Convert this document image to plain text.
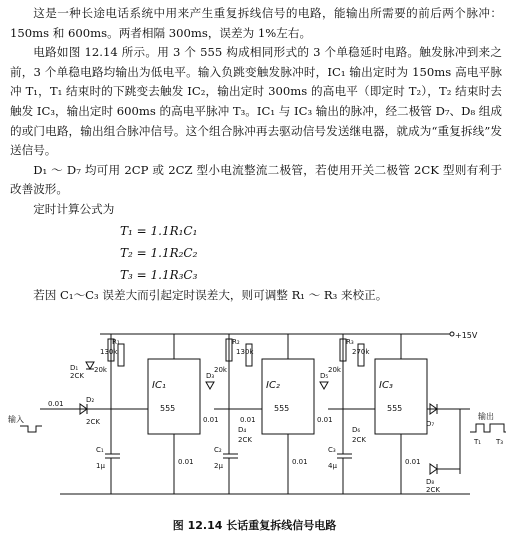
这是一种长途电话系统中用来产生重复拆线信号的电路，能输出所需要的前后两个脉冲：150ms 和 600ms。两者相隔 300ms，误差为 1%左右。

电路如图 12.14 所示。用 3 个 555 构成相同形式的 3 个单稳延时电路。触发脉冲到来之前，3 个单稳电路均输出为低电平。输入负跳变触发脉冲时，IC₁ 输出定时为 150ms 高电平脉冲 T₁，T₁ 结束时的下跳变去触发 IC₂，输出定时 300ms 的高电平（即定时 T₂），T₂ 结束时去触发 IC₃，输出定时 600ms 的高电平脉冲 T₃。IC₁ 与 IC₃ 输出的脉冲，经二极管 D₇、D₈ 组成的或门电路，输出组合脉冲信号。这个组合脉冲再去驱动信号发送继电器，就成为“重复拆线”发送信号。

D₁ ～ D₇ 均可用 2CP 或 2CZ 型小电流整流二极管，若使用开关二极管 2CK 型则有利于改善波形。

定时计算公式为

T₁ = 1.1R₁C₁

T₂ = 1.1R₂C₂

T₃ = 1.1R₃C₃

若因 C₁～C₃ 误差大而引起定时误差大，则可调整 R₁ ～ R₃ 来校正。

+15V
输入	输出
IC₁	IC₂	IC₃
555	555	555
R₁
130k
R₂
130k
R₃
270k
20k	20k	20k
C₁
1μ
C₂
2μ
C₃
4μ
0.01
0.01	0.01
0.01	0.01	0.01
0.01
D₁
2CK
D₂
2CK
D₃
D₄
2CK
D₅
D₆
2CK
D₇
D₈
2CK
T₁ T₃
图 12.14 长话重复拆线信号电路
